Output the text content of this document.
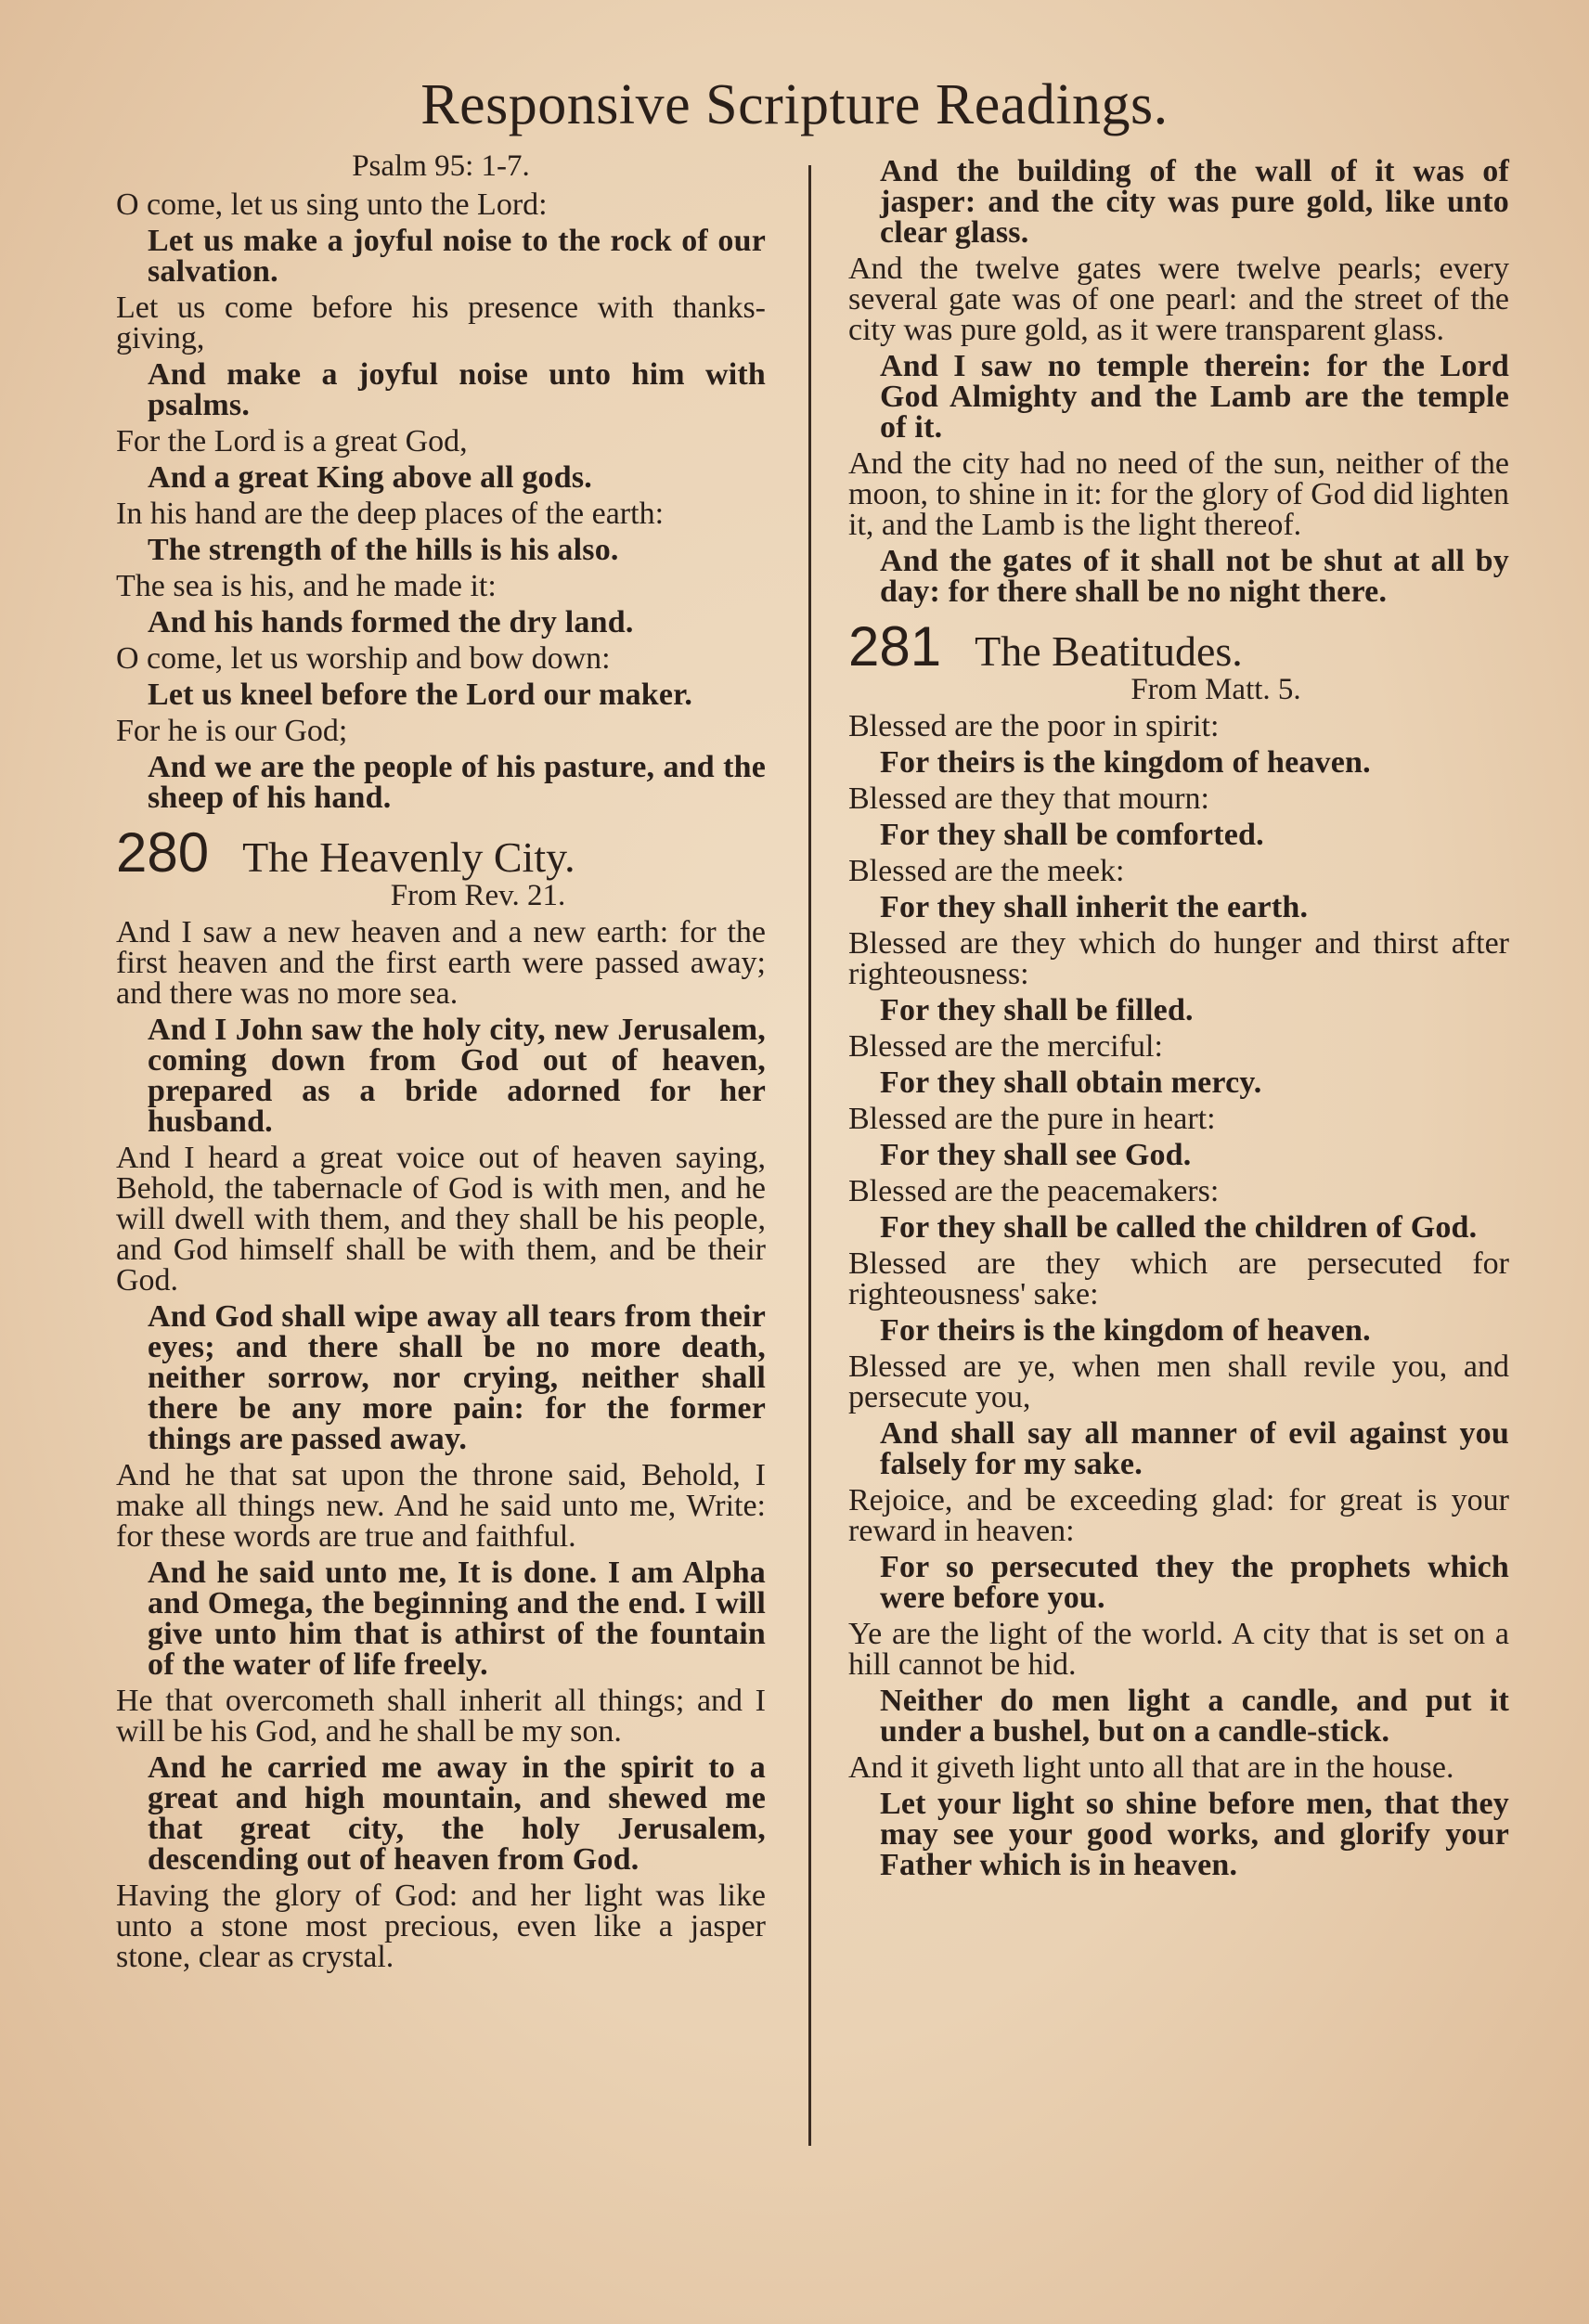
Responsive Scripture Readings.
Psalm 95: 1-7.
O come, let us sing unto the Lord:
Let us make a joyful noise to the rock of our salvation.
Let us come before his presence with thanks-giving,
And make a joyful noise unto him with psalms.
For the Lord is a great God,
And a great King above all gods.
In his hand are the deep places of the earth:
The strength of the hills is his also.
The sea is his, and he made it:
And his hands formed the dry land.
O come, let us worship and bow down:
Let us kneel before the Lord our maker.
For he is our God;
And we are the people of his pasture, and the sheep of his hand.
280 The Heavenly City.
From Rev. 21.
And I saw a new heaven and a new earth: for the first heaven and the first earth were passed away; and there was no more sea.
And I John saw the holy city, new Jerusalem, coming down from God out of heaven, prepared as a bride adorned for her husband.
And I heard a great voice out of heaven saying, Behold, the tabernacle of God is with men, and he will dwell with them, and they shall be his people, and God himself shall be with them, and be their God.
And God shall wipe away all tears from their eyes; and there shall be no more death, neither sorrow, nor crying, neither shall there be any more pain: for the former things are passed away.
And he that sat upon the throne said, Behold, I make all things new. And he said unto me, Write: for these words are true and faithful.
And he said unto me, It is done. I am Alpha and Omega, the beginning and the end. I will give unto him that is athirst of the fountain of the water of life freely.
He that overcometh shall inherit all things; and I will be his God, and he shall be my son.
And he carried me away in the spirit to a great and high mountain, and shewed me that great city, the holy Jerusalem, descending out of heaven from God.
Having the glory of God: and her light was like unto a stone most precious, even like a jasper stone, clear as crystal.
And the building of the wall of it was of jasper: and the city was pure gold, like unto clear glass.
And the twelve gates were twelve pearls; every several gate was of one pearl: and the street of the city was pure gold, as it were transparent glass.
And I saw no temple therein: for the Lord God Almighty and the Lamb are the temple of it.
And the city had no need of the sun, neither of the moon, to shine in it: for the glory of God did lighten it, and the Lamb is the light thereof.
And the gates of it shall not be shut at all by day: for there shall be no night there.
281 The Beatitudes.
From Matt. 5.
Blessed are the poor in spirit:
For theirs is the kingdom of heaven.
Blessed are they that mourn:
For they shall be comforted.
Blessed are the meek:
For they shall inherit the earth.
Blessed are they which do hunger and thirst after righteousness:
For they shall be filled.
Blessed are the merciful:
For they shall obtain mercy.
Blessed are the pure in heart:
For they shall see God.
Blessed are the peacemakers:
For they shall be called the children of God.
Blessed are they which are persecuted for righteousness' sake:
For theirs is the kingdom of heaven.
Blessed are ye, when men shall revile you, and persecute you,
And shall say all manner of evil against you falsely for my sake.
Rejoice, and be exceeding glad: for great is your reward in heaven:
For so persecuted they the prophets which were before you.
Ye are the light of the world. A city that is set on a hill cannot be hid.
Neither do men light a candle, and put it under a bushel, but on a candle-stick.
And it giveth light unto all that are in the house.
Let your light so shine before men, that they may see your good works, and glorify your Father which is in heaven.
